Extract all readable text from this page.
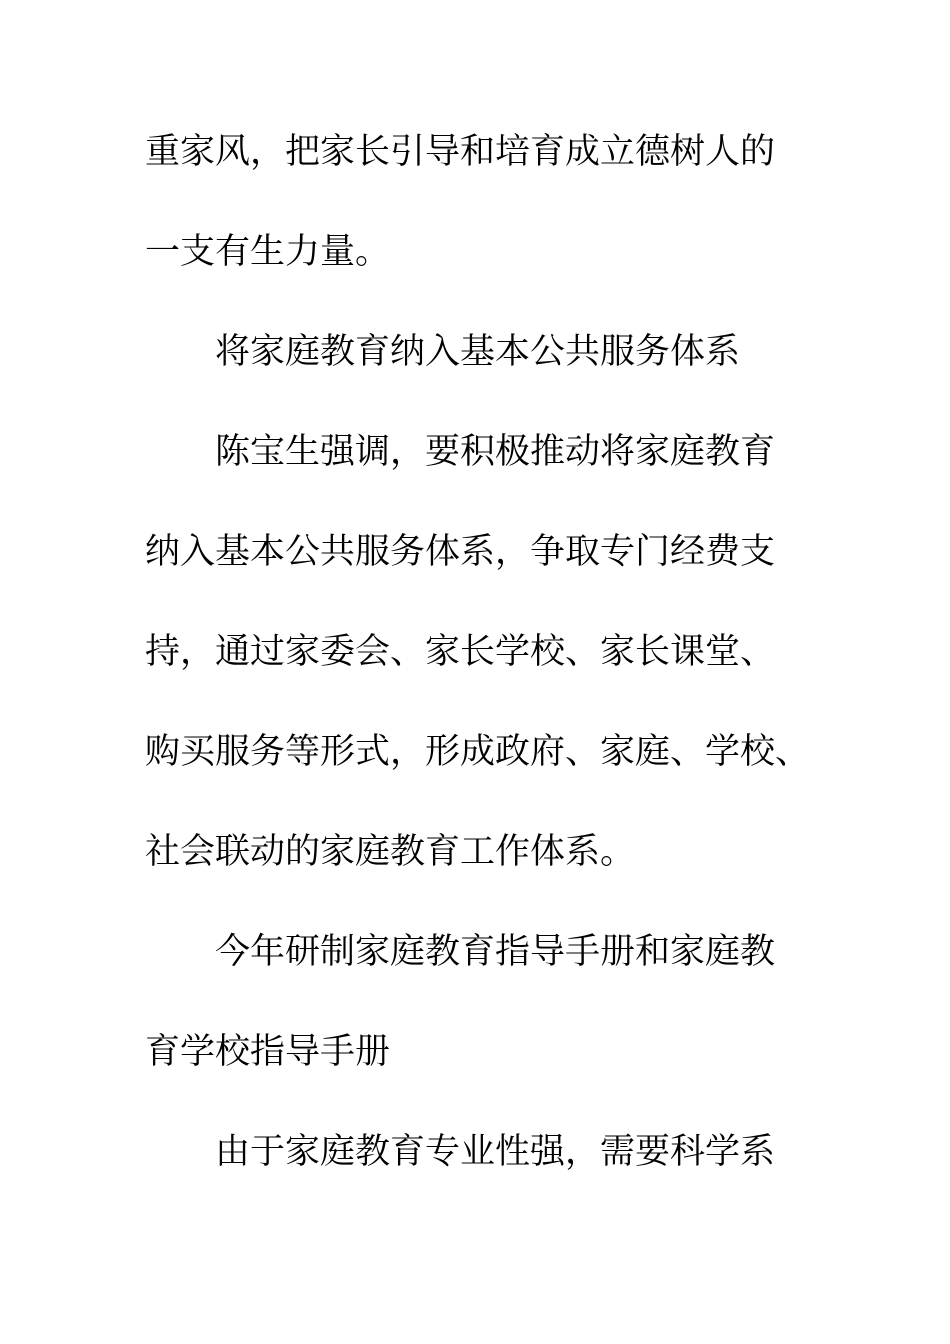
重家风，把家长引导和培育成立德树人的
一支有生力量。
将家庭教育纳入基本公共服务体系
陈宝生强调，要积极推动将家庭教育
纳入基本公共服务体系，争取专门经费支
持，通过家委会、家长学校、家长课堂、
购买服务等形式，形成政府、家庭、学校、
社会联动的家庭教育工作体系。
今年研制家庭教育指导手册和家庭教
育学校指导手册
由于家庭教育专业性强，需要科学系
